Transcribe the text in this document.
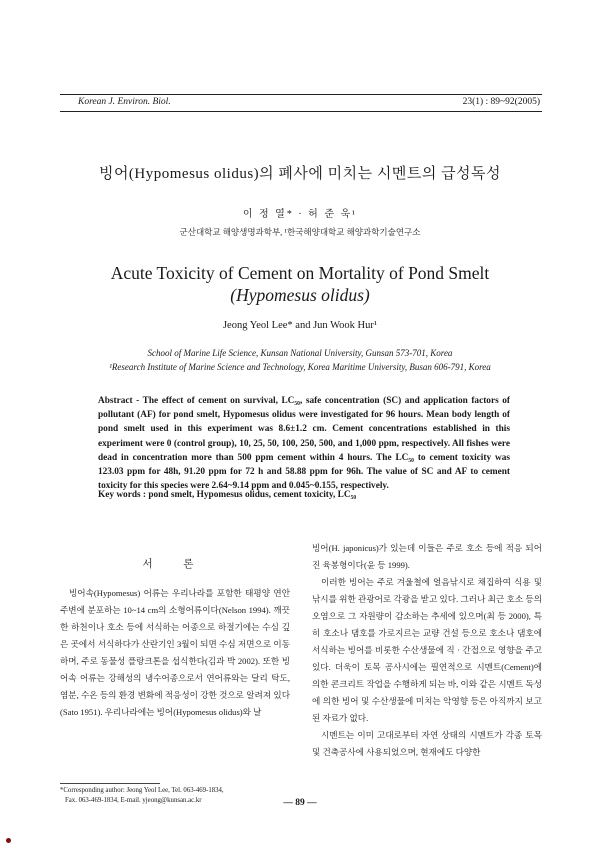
Korean J. Environ. Biol.	23(1) : 89~92(2005)
빙어(Hypomesus olidus)의 폐사에 미치는 시멘트의 급성독성
이 정 열* · 허 준 욱¹
군산대학교 해양생명과학부, ¹한국해양대학교 해양과학기술연구소
Acute Toxicity of Cement on Mortality of Pond Smelt
(Hypomesus olidus)
Jeong Yeol Lee* and Jun Wook Hur¹
School of Marine Life Science, Kunsan National University, Gunsan 573-701, Korea
¹Research Institute of Marine Science and Technology, Korea Maritime University, Busan 606-791, Korea
Abstract - The effect of cement on survival, LC₅₀, safe concentration (SC) and application factors of pollutant (AF) for pond smelt, Hypomesus olidus were investigated for 96 hours. Mean body length of pond smelt used in this experiment was 8.6±1.2 cm. Cement concentrations established in this experiment were 0 (control group), 10, 25, 50, 100, 250, 500, and 1,000 ppm, respectively. All fishes were dead in concentration more than 500 ppm cement within 4 hours. The LC₅₀ to cement toxicity was 123.03 ppm for 48h, 91.20 ppm for 72 h and 58.88 ppm for 96h. The value of SC and AF to cement toxicity for this species were 2.64~9.14 ppm and 0.045~0.155, respectively.
Key words : pond smelt, Hypomesus olidus, cement toxicity, LC₅₀
서 론

빙어속(Hypomesus) 어류는 우리나라를 포함한 태평양 연안주변에 분포하는 10~14 cm의 소형어류이다(Nelson 1994). 깨끗한 하천이나 호소 등에 서식하는 어종으로 하절기에는 수심 깊은 곳에서 서식하다가 산란기인 3월이 되면 수심 저면으로 이동하며, 주로 동물성 플랑크톤을 섭식한다(김과 박 2002). 또한 빙어속 어류는 강해성의 냉수어종으로서 연어류와는 달리 탁도, 염분, 수온 등의 환경 변화에 적응성이 강한 것으로 알려져 있다(Sato 1951). 우리나라에는 빙어(Hypomesus olidus)와 날

빙어(H. japonicus)가 있는데 이들은 주로 호소 등에 적응 되어진 육봉형이다(윤 등 1999).

이러한 빙어는 주로 겨울철에 얼음낚시로 채집하여 식용 및 낚시를 위한 관광어로 각광을 받고 있다. 그러나 최근 호소 등의 오염으로 그 자원량이 감소하는 추세에 있으며(최 등 2000), 특히 호소나 댐호를 가로지르는 교량 건설 등으로 호소나 댐호에 서식하는 빙어를 비롯한 수산생물에 직 · 간접으로 영향을 주고 있다. 더욱이 토목 공사시에는 필연적으로 시멘트(Cement)에 의한 콘크리트 작업을 수행하게 되는 바, 이와 같은 시멘트 독성에 의한 빙어 및 수산생물에 미치는 악영향 등은 아직까지 보고된 자료가 없다.

시멘트는 이미 고대로부터 자연 상태의 시멘트가 각종 토목 및 건축공사에 사용되었으며, 현재에도 다양한

*Corresponding author: Jeong Yeol Lee, Tel. 063-469-1834,
Fax. 063-469-1834, E-mail. yjeong@kunsan.ac.kr	— 89 —
